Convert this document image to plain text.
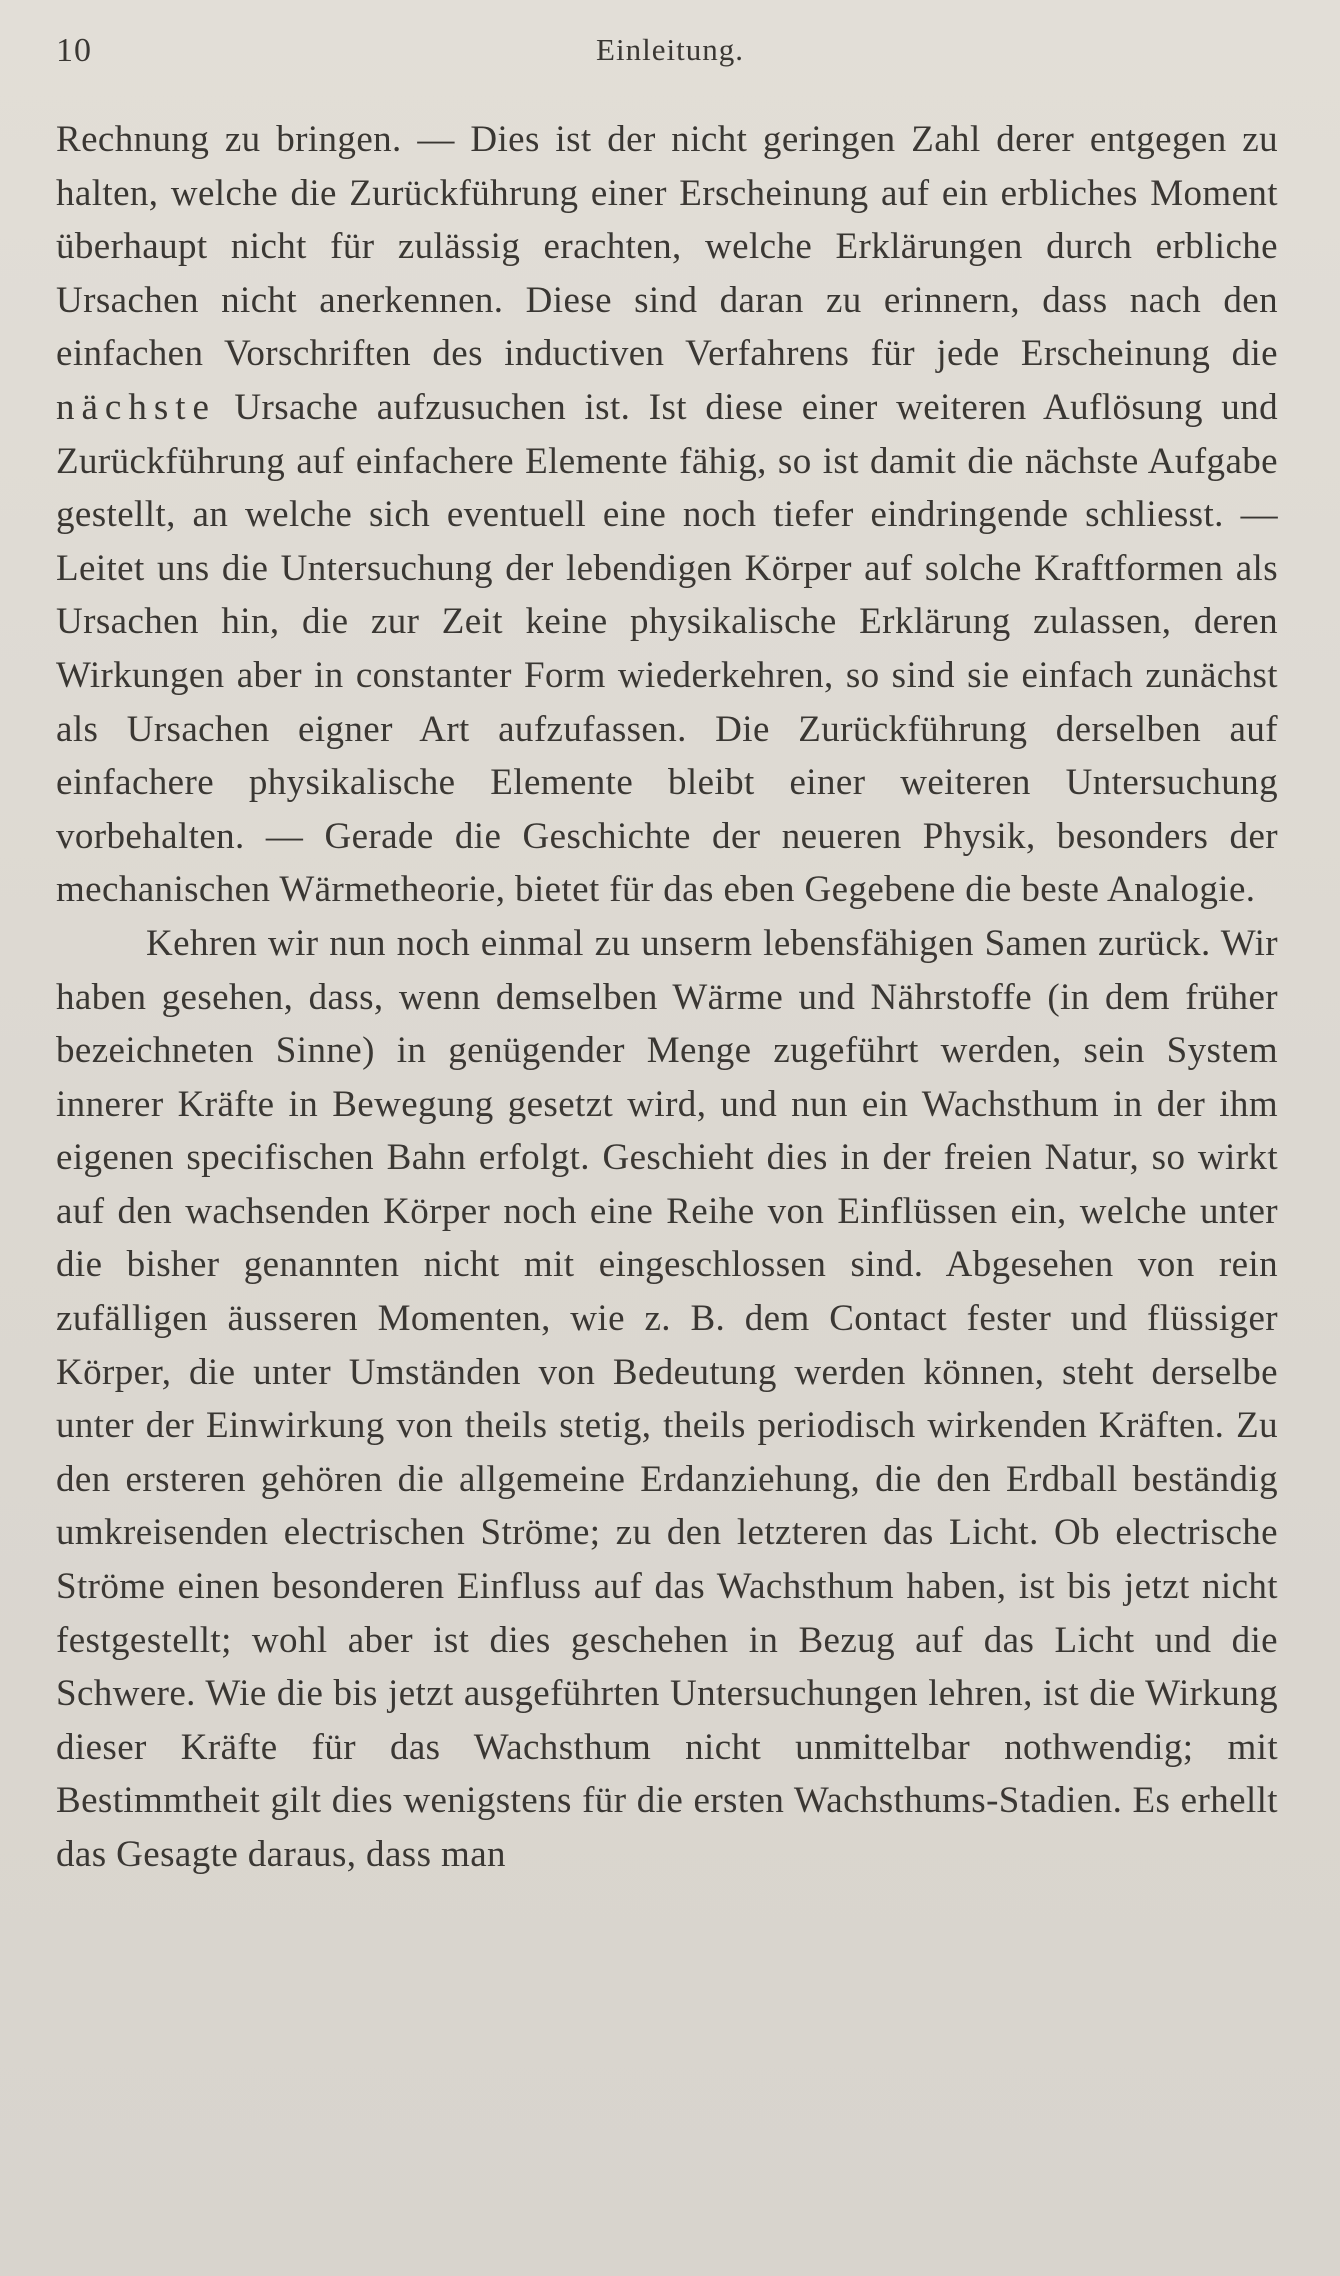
10	Einleitung.

Rechnung zu bringen. — Dies ist der nicht geringen Zahl derer entgegen zu halten, welche die Zurückführung einer Erscheinung auf ein erbliches Moment überhaupt nicht für zulässig erachten, welche Erklärungen durch erbliche Ursachen nicht anerkennen. Diese sind daran zu erinnern, dass nach den einfachen Vorschriften des inductiven Verfahrens für jede Erscheinung die nächste Ursache aufzusuchen ist. Ist diese einer weiteren Auflösung und Zurückführung auf einfachere Elemente fähig, so ist damit die nächste Aufgabe gestellt, an welche sich eventuell eine noch tiefer eindringende schliesst. — Leitet uns die Untersuchung der lebendigen Körper auf solche Kraftformen als Ursachen hin, die zur Zeit keine physikalische Erklärung zulassen, deren Wirkungen aber in constanter Form wiederkehren, so sind sie einfach zunächst als Ursachen eigner Art aufzufassen. Die Zurückführung derselben auf einfachere physikalische Elemente bleibt einer weiteren Untersuchung vorbehalten. — Gerade die Geschichte der neueren Physik, besonders der mechanischen Wärmetheorie, bietet für das eben Gegebene die beste Analogie.

Kehren wir nun noch einmal zu unserm lebensfähigen Samen zurück. Wir haben gesehen, dass, wenn demselben Wärme und Nährstoffe (in dem früher bezeichneten Sinne) in genügender Menge zugeführt werden, sein System innerer Kräfte in Bewegung gesetzt wird, und nun ein Wachsthum in der ihm eigenen specifischen Bahn erfolgt. Geschieht dies in der freien Natur, so wirkt auf den wachsenden Körper noch eine Reihe von Einflüssen ein, welche unter die bisher genannten nicht mit eingeschlossen sind. Abgesehen von rein zufälligen äusseren Momenten, wie z. B. dem Contact fester und flüssiger Körper, die unter Umständen von Bedeutung werden können, steht derselbe unter der Einwirkung von theils stetig, theils periodisch wirkenden Kräften. Zu den ersteren gehören die allgemeine Erdanziehung, die den Erdball beständig umkreisenden electrischen Ströme; zu den letzteren das Licht. Ob electrische Ströme einen besonderen Einfluss auf das Wachsthum haben, ist bis jetzt nicht festgestellt; wohl aber ist dies geschehen in Bezug auf das Licht und die Schwere. Wie die bis jetzt ausgeführten Untersuchungen lehren, ist die Wirkung dieser Kräfte für das Wachsthum nicht unmittelbar nothwendig; mit Bestimmtheit gilt dies wenigstens für die ersten Wachsthums-Stadien. Es erhellt das Gesagte daraus, dass man
